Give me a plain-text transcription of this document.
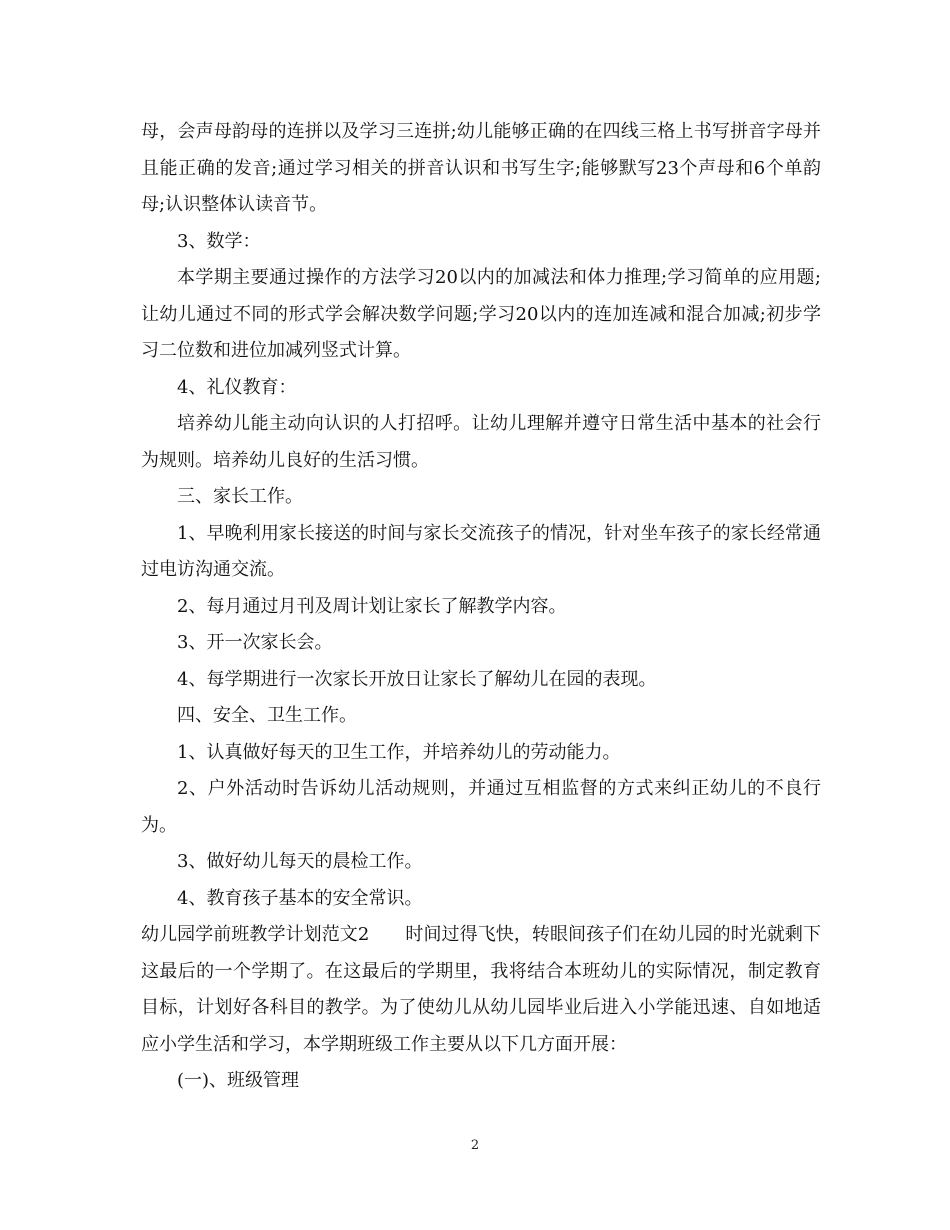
母，会声母韵母的连拼以及学习三连拼;幼儿能够正确的在四线三格上书写拼音字母并且能正确的发音;通过学习相关的拼音认识和书写生字;能够默写23个声母和6个单韵母;认识整体认读音节。

3、数学：

本学期主要通过操作的方法学习20以内的加减法和体力推理;学习简单的应用题;让幼儿通过不同的形式学会解决数学问题;学习20以内的连加连减和混合加减;初步学习二位数和进位加减列竖式计算。

4、礼仪教育：

培养幼儿能主动向认识的人打招呼。让幼儿理解并遵守日常生活中基本的社会行为规则。培养幼儿良好的生活习惯。

三、家长工作。

1、早晚利用家长接送的时间与家长交流孩子的情况，针对坐车孩子的家长经常通过电访沟通交流。

2、每月通过月刊及周计划让家长了解教学内容。

3、开一次家长会。

4、每学期进行一次家长开放日让家长了解幼儿在园的表现。

四、安全、卫生工作。

1、认真做好每天的卫生工作，并培养幼儿的劳动能力。

2、户外活动时告诉幼儿活动规则，并通过互相监督的方式来纠正幼儿的不良行为。

3、做好幼儿每天的晨检工作。

4、教育孩子基本的安全常识。

幼儿园学前班教学计划范文2 时间过得飞快，转眼间孩子们在幼儿园的时光就剩下这最后的一个学期了。在这最后的学期里，我将结合本班幼儿的实际情况，制定教育目标，计划好各科目的教学。为了使幼儿从幼儿园毕业后进入小学能迅速、自如地适应小学生活和学习，本学期班级工作主要从以下几方面开展：

(一)、班级管理

2
